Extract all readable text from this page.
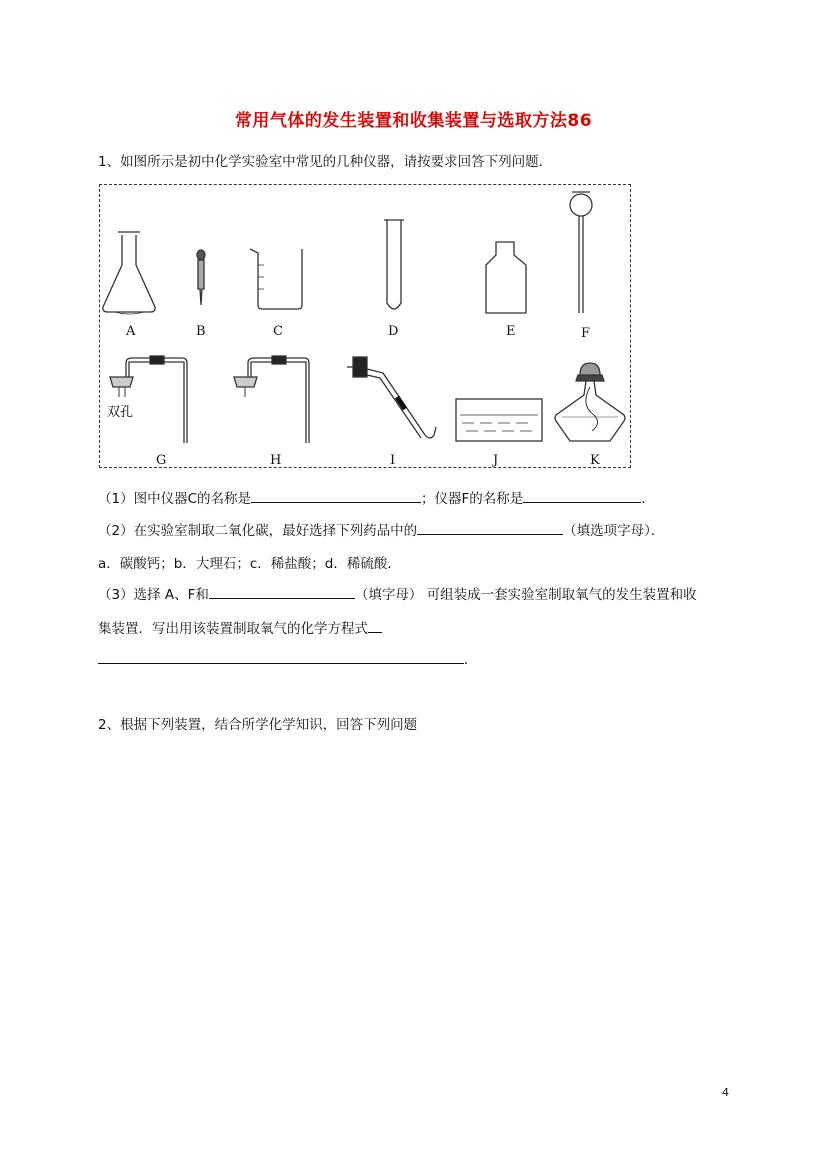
常用气体的发生装置和收集装置与选取方法86
1、如图所示是初中化学实验室中常见的几种仪器，请按要求回答下列问题．
A	B	C	D	E	F
双孔
G	H	I	J	K
（1）图中仪器C的名称是	；仪器F的名称是	．
（2）在实验室制取二氧化碳，最好选择下列药品中的	（填选项字母）．
a．碳酸钙；b．大理石；c．稀盐酸；d．稀硫酸．
（3）选择 A、F和	（填字母） 可组装成一套实验室制取氧气的发生装置和收
集装置．写出用该装置制取氧气的化学方程式
．
2、根据下列装置，结合所学化学知识，回答下列问题
4
